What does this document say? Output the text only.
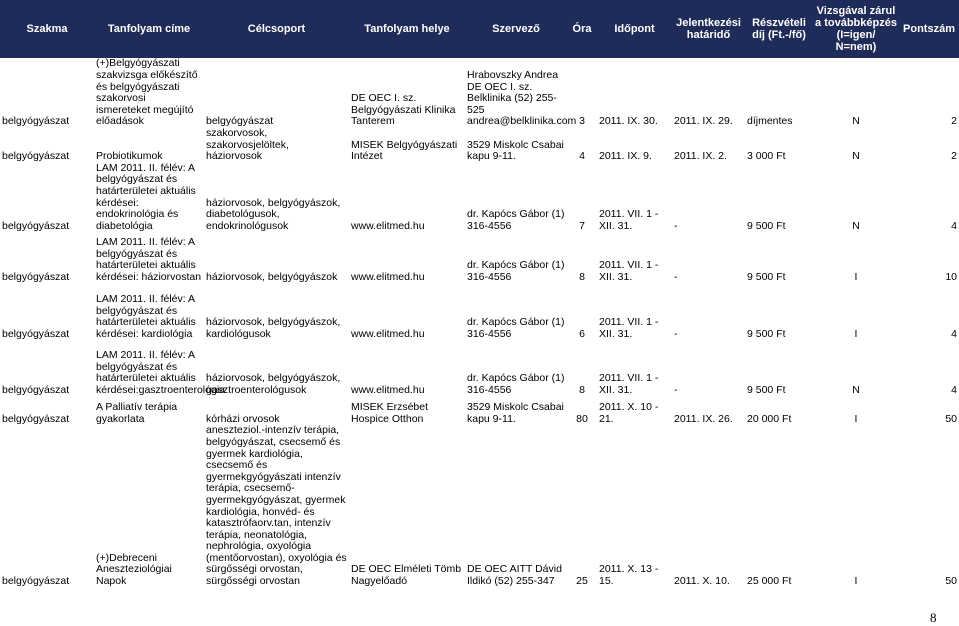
Szakma	Tanfolyam címe	Célcsoport	Tanfolyam helye	Szervező	Óra	Időpont	Jelentkezési határidő	Részvételi díj (Ft.-/fő)	Vizsgával zárul a továbbképzés (I=igen/ N=nem)	Pontszám
belgyógyászat	(+)Belgyógyászati szakvizsga előkészítő és belgyógyászati szakorvosi ismereteket megújító előadások	belgyógyászat	DE OEC I. sz. Belgyógyászati Klinika Tanterem	Hrabovszky Andrea DE OEC I. sz. Belklinika (52) 255-525 andrea@belklinika.com	3	2011. IX. 30.	2011. IX. 29.	díjmentes	N	2
belgyógyászat	Probiotikumok	szakorvosok, szakorvosjelöltek, háziorvosok	MISEK Belgyógyászati Intézet	3529 Miskolc Csabai kapu 9-11.	4	2011. IX. 9.	2011. IX. 2.	3 000 Ft	N	2
belgyógyászat	LAM 2011. II. félév: A belgyógyászat és határterületei aktuális kérdései: endokrinológia és diabetológia	háziorvosok, belgyógyászok, diabetológusok, endokrinológusok	www.elitmed.hu	dr. Kapócs Gábor (1) 316-4556	7	2011. VII. 1 - XII. 31.	-	9 500 Ft	N	4
belgyógyászat	LAM 2011. II. félév: A belgyógyászat és határterületei aktuális kérdései: háziorvostan	háziorvosok, belgyógyászok	www.elitmed.hu	dr. Kapócs Gábor (1) 316-4556	8	2011. VII. 1 - XII. 31.	-	9 500 Ft	I	10
belgyógyászat	LAM 2011. II. félév: A belgyógyászat és határterületei aktuális kérdései: kardiológia	háziorvosok, belgyógyászok, kardiológusok	www.elitmed.hu	dr. Kapócs Gábor (1) 316-4556	6	2011. VII. 1 - XII. 31.	-	9 500 Ft	I	4
belgyógyászat	LAM 2011. II. félév: A belgyógyászat és határterületei aktuális kérdései:gasztroenterológia	háziorvosok, belgyógyászok, gasztroenterológusok	www.elitmed.hu	dr. Kapócs Gábor (1) 316-4556	8	2011. VII. 1 - XII. 31.	-	9 500 Ft	N	4
belgyógyászat	A Palliatív terápia gyakorlata	kórházi orvosok	MISEK Erzsébet Hospice Otthon	3529 Miskolc Csabai kapu 9-11.	80	2011. X. 10 - 21.	2011. IX. 26.	20 000 Ft	I	50
belgyógyászat	(+)Debreceni Aneszteziológiai Napok	aneszteziol.-intenzív terápia, belgyógyászat, csecsemő és gyermek kardiológia, csecsemő és gyermekgyógyászati intenzív terápia, csecsemő-gyermekgyógyászat, gyermek kardiológia, honvéd- és katasztrófaorv.tan, intenzív terápia, neonatológia, nephrológia, oxyológia (mentőorvostan), oxyológia és sürgősségi orvostan, sürgősségi orvostan	DE OEC Elméleti Tömb Nagyelőadó	DE OEC AITT Dávid Ildikó (52) 255-347	25	2011. X. 13 - 15.	2011. X. 10.	25 000 Ft	I	50
8
